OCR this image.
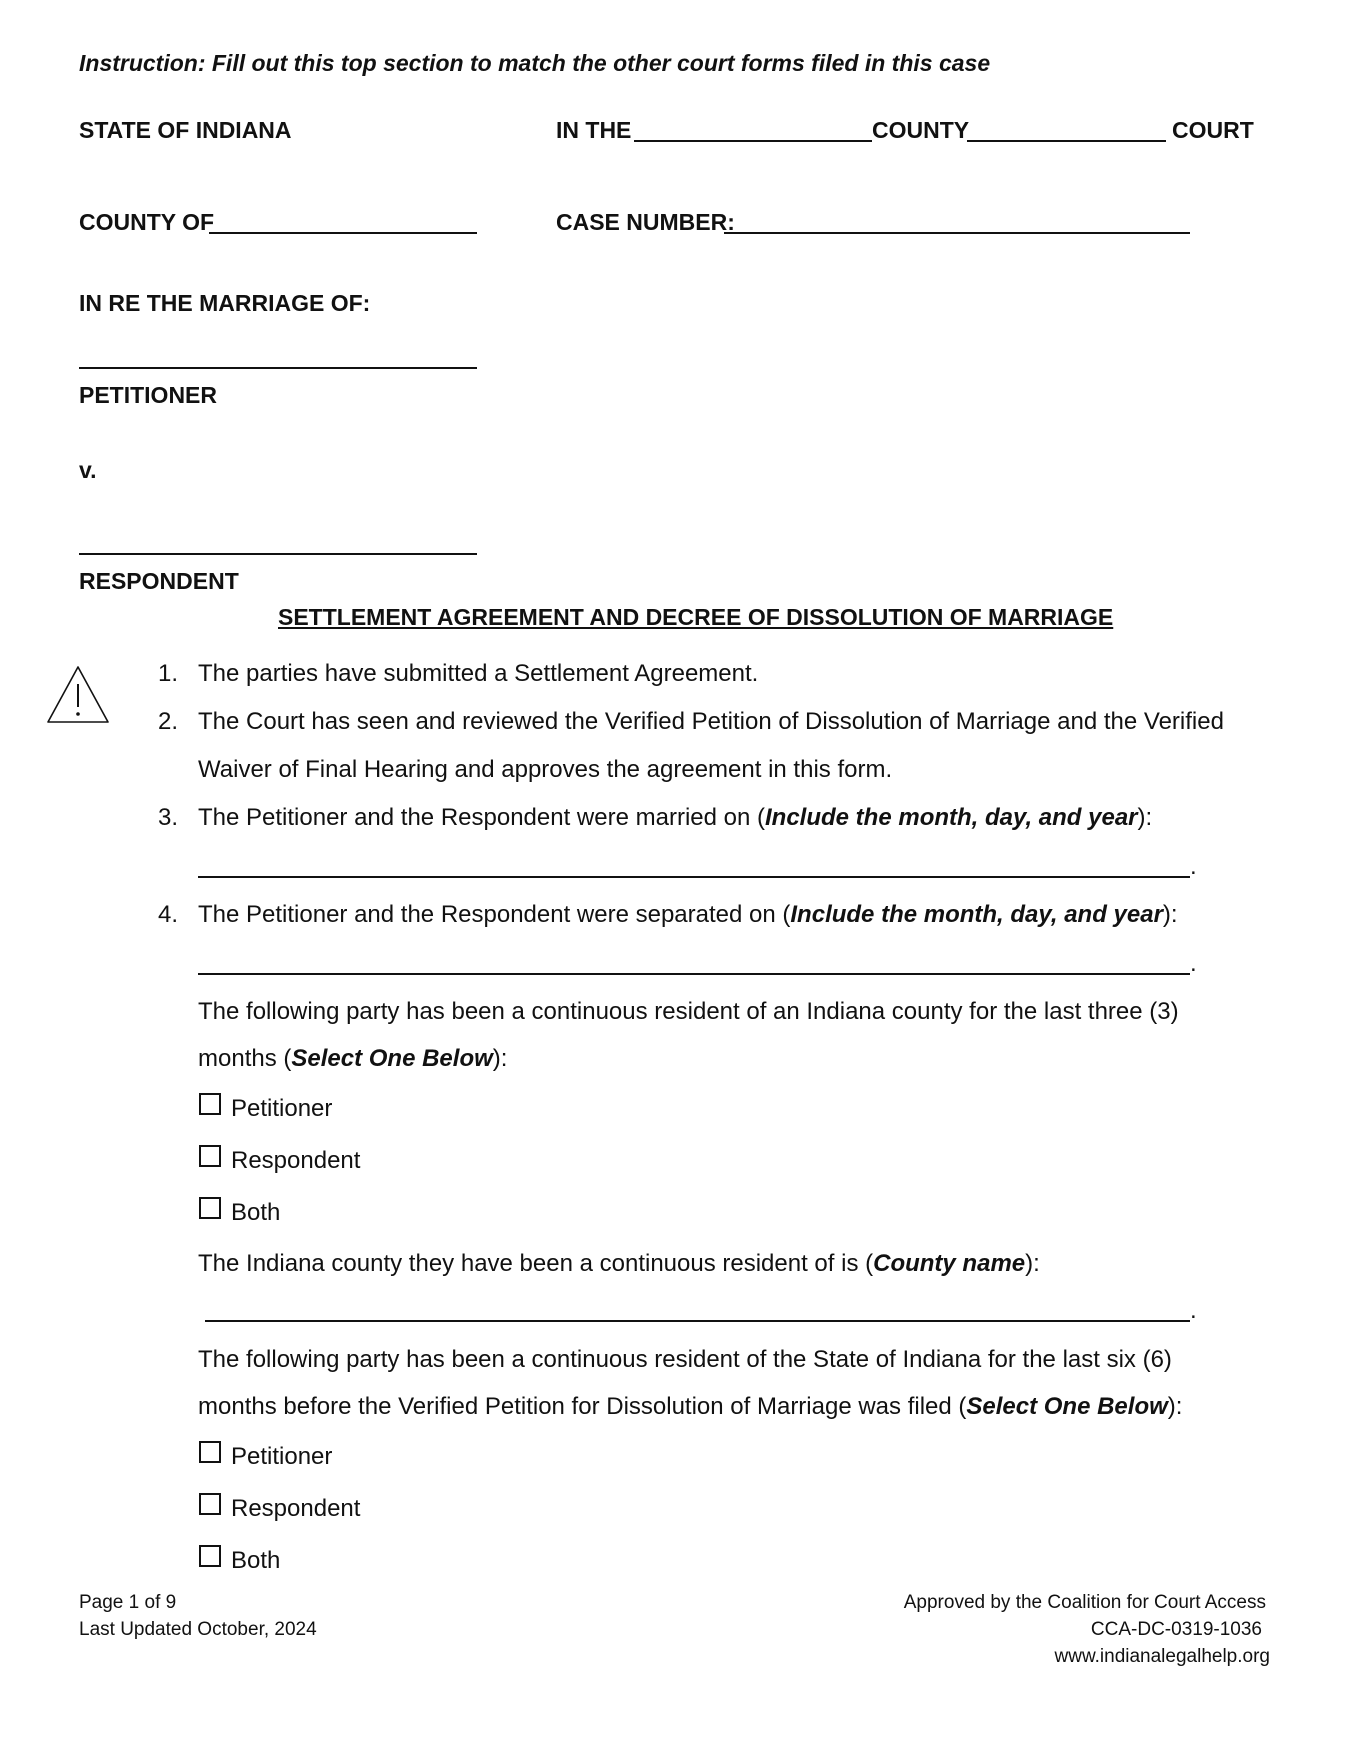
Instruction: Fill out this top section to match the other court forms filed in this case
STATE OF INDIANA	IN THE	COUNTY	COURT
COUNTY OF	CASE NUMBER:
IN RE THE MARRIAGE OF:
PETITIONER
v.
RESPONDENT
SETTLEMENT AGREEMENT AND DECREE OF DISSOLUTION OF MARRIAGE
1. The parties have submitted a Settlement Agreement.
2. The Court has seen and reviewed the Verified Petition of Dissolution of Marriage and the Verified
Waiver of Final Hearing and approves the agreement in this form.
3. The Petitioner and the Respondent were married on (Include the month, day, and year):
.
4. The Petitioner and the Respondent were separated on (Include the month, day, and year):
.
The following party has been a continuous resident of an Indiana county for the last three (3)
months (Select One Below):
Petitioner
Respondent
Both
The Indiana county they have been a continuous resident of is (County name):
.
The following party has been a continuous resident of the State of Indiana for the last six (6)
months before the Verified Petition for Dissolution of Marriage was filed (Select One Below):
Petitioner
Respondent
Both
Page 1 of 9
Last Updated October, 2024
Approved by the Coalition for Court Access
CCA-DC-0319-1036
www.indianalegalhelp.org
